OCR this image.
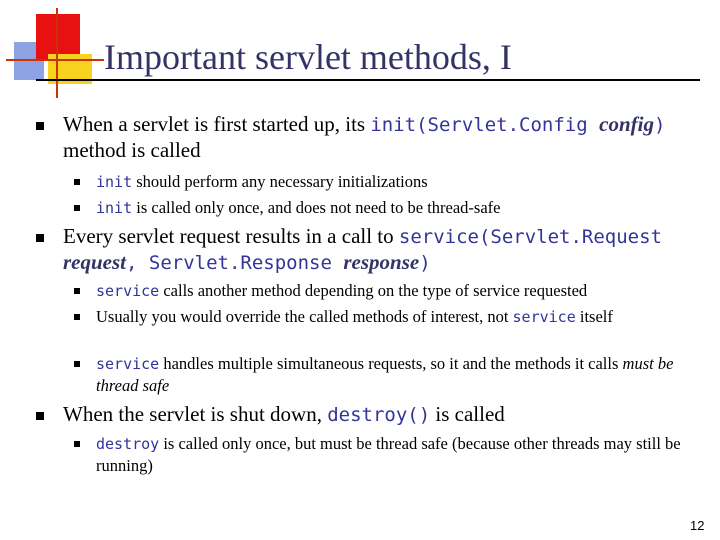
Important servlet methods, I
When a servlet is first started up, its init(Servlet.Config config) method is called
init should perform any necessary initializations
init is called only once, and does not need to be thread-safe
Every servlet request results in a call to service(Servlet.Request request, Servlet.Response response)
service calls another method depending on the type of service requested
Usually you would override the called methods of interest, not service itself
service handles multiple simultaneous requests, so it and the methods it calls must be thread safe
When the servlet is shut down, destroy() is called
destroy is called only once, but must be thread safe (because other threads may still be running)
12
